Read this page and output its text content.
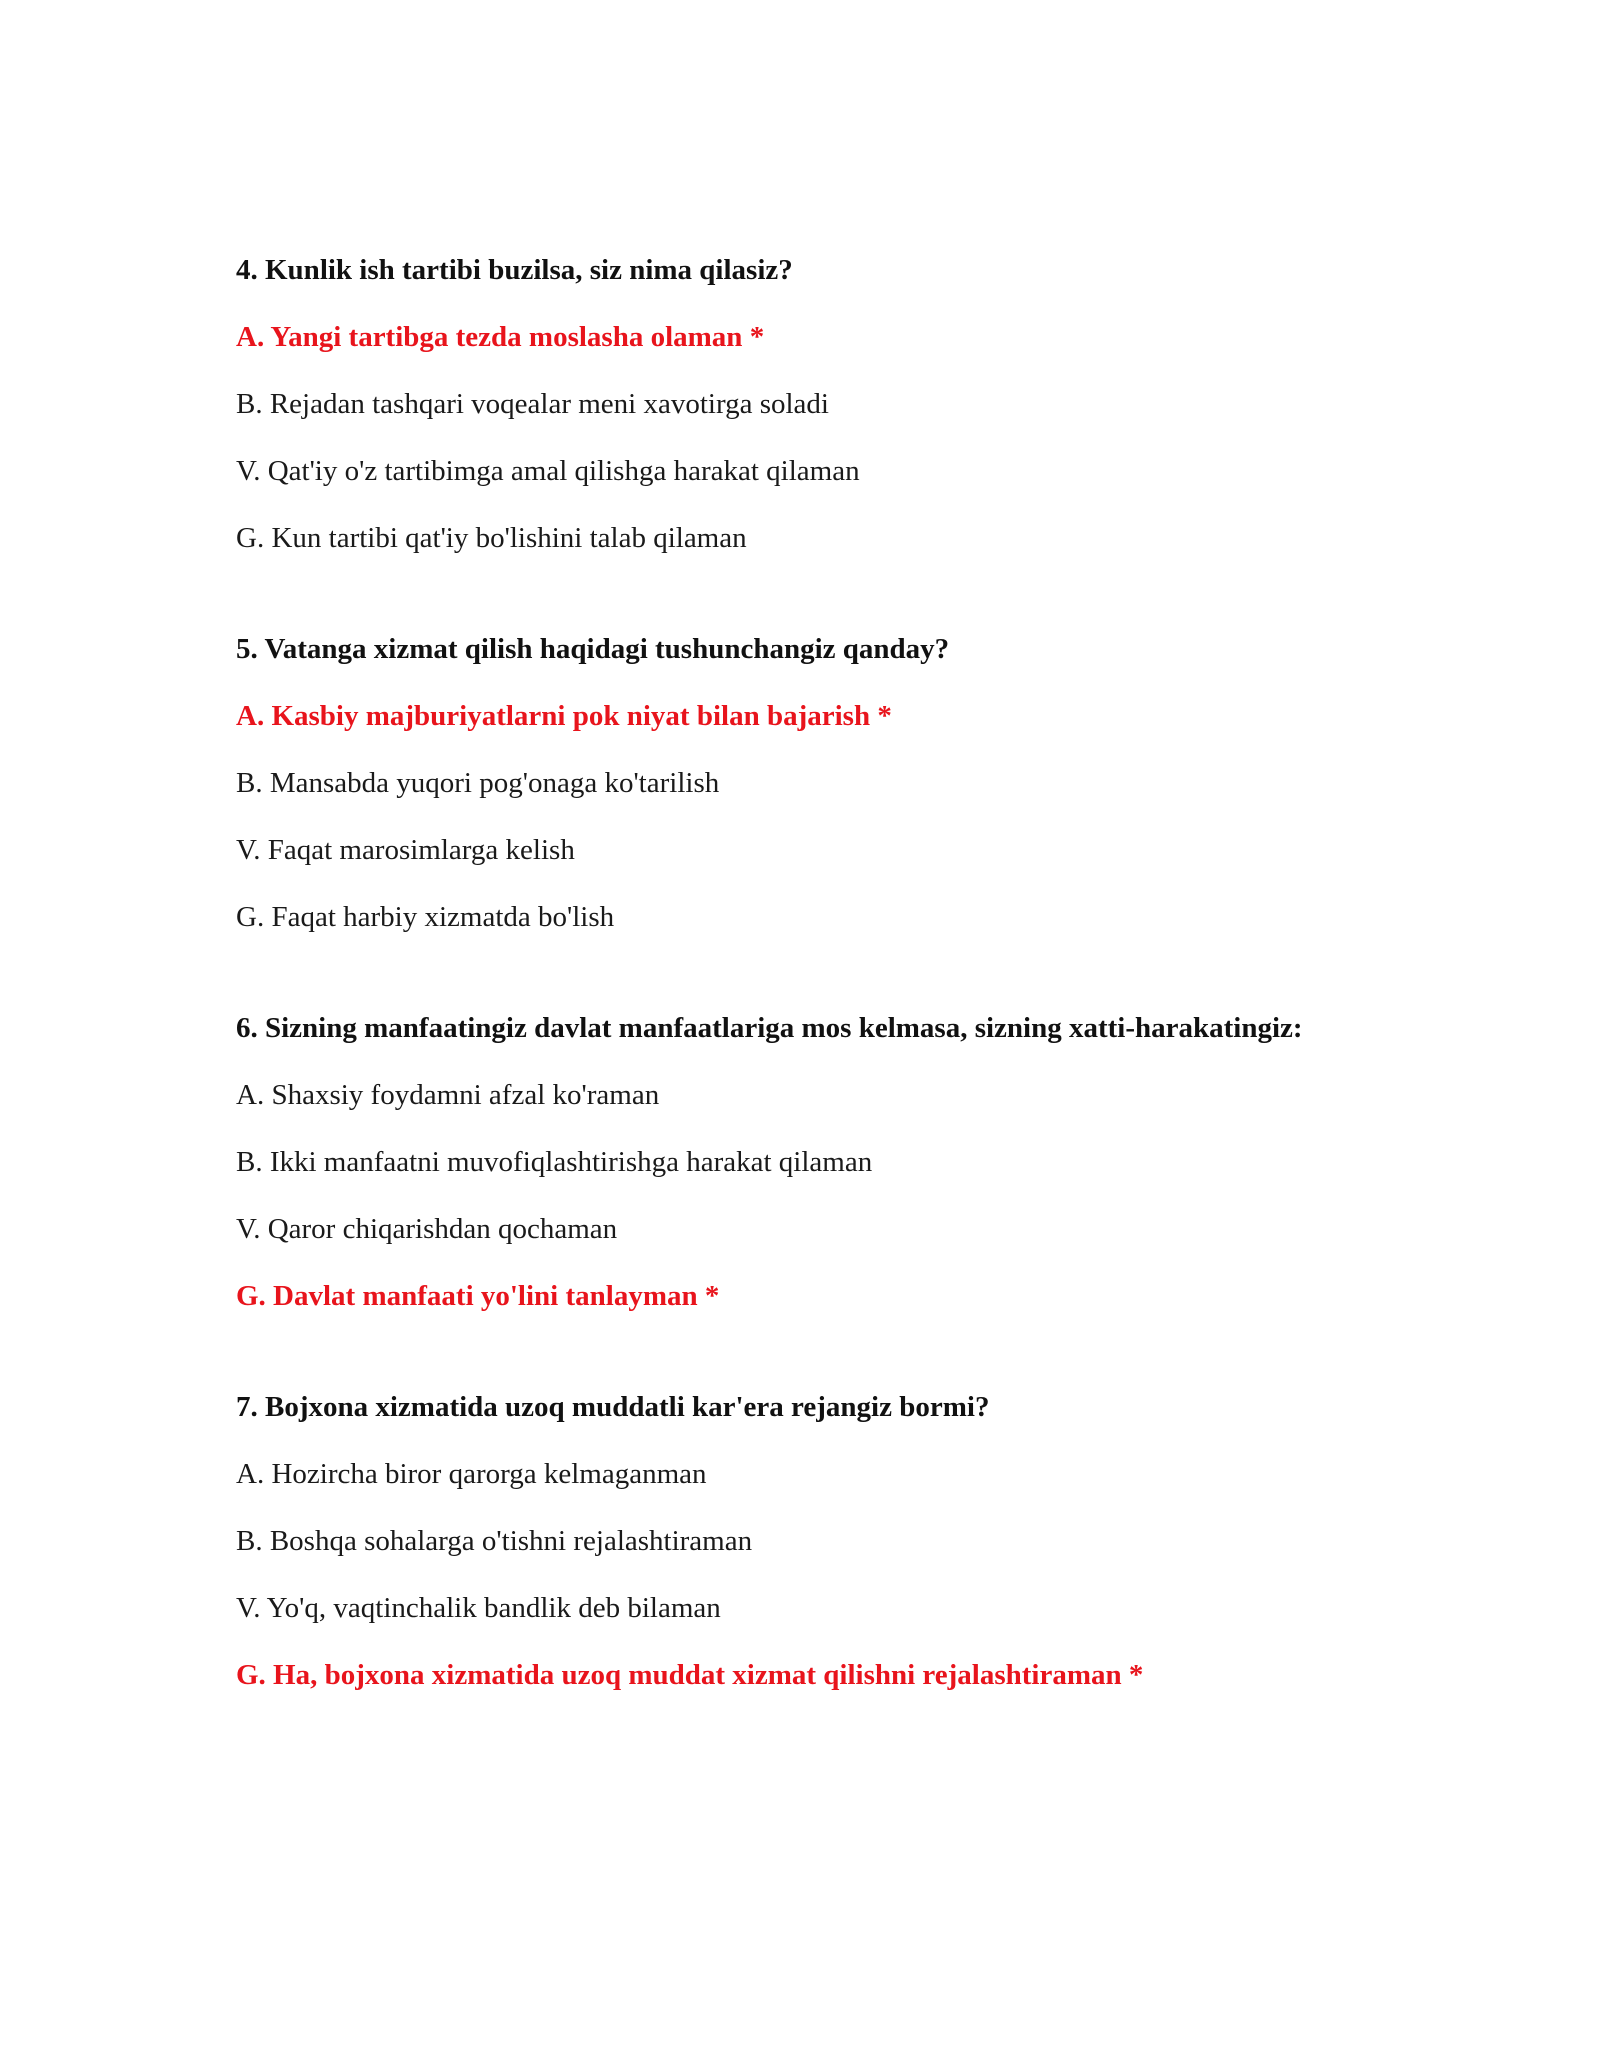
4. Kunlik ish tartibi buzilsa, siz nima qilasiz?

A. Yangi tartibga tezda moslasha olaman *

B. Rejadan tashqari voqealar meni xavotirga soladi

V. Qat'iy o'z tartibimga amal qilishga harakat qilaman

G. Kun tartibi qat'iy bo'lishini talab qilaman

5. Vatanga xizmat qilish haqidagi tushunchangiz qanday?

A. Kasbiy majburiyatlarni pok niyat bilan bajarish *

B. Mansabda yuqori pog'onaga ko'tarilish

V. Faqat marosimlarga kelish

G. Faqat harbiy xizmatda bo'lish

6. Sizning manfaatingiz davlat manfaatlariga mos kelmasa, sizning xatti-harakatingiz:

A. Shaxsiy foydamni afzal ko'raman

B. Ikki manfaatni muvofiqlashtirishga harakat qilaman

V. Qaror chiqarishdan qochaman

G. Davlat manfaati yo'lini tanlayman *

7. Bojxona xizmatida uzoq muddatli kar'era rejangiz bormi?

A. Hozircha biror qarorga kelmaganman

B. Boshqa sohalarga o'tishni rejalashtiraman

V. Yo'q, vaqtinchalik bandlik deb bilaman

G. Ha, bojxona xizmatida uzoq muddat xizmat qilishni rejalashtiraman *
